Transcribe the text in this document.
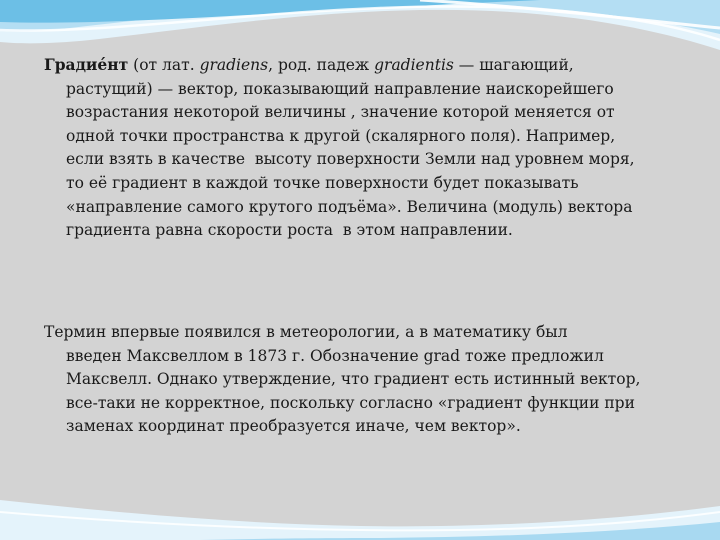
Градие́нт (от лат. gradiens, род. падеж gradientis — шагающий,
растущий) — вектор, показывающий направление наискорейшего
возрастания некоторой величины , значение которой меняется от
одной точки пространства к другой (скалярного поля). Например,
если взять в качестве  высоту поверхности Земли над уровнем моря,
то её градиент в каждой точке поверхности будет показывать
«направление самого крутого подъёма». Величина (модуль) вектора
градиента равна скорости роста  в этом направлении.

Термин впервые появился в метеорологии, а в математику был
введен Максвеллом в 1873 г. Обозначение grad тоже предложил
Максвелл. Однако утверждение, что градиент есть истинный вектор,
все-таки не корректное, поскольку согласно «градиент функции при
заменах координат преобразуется иначе, чем вектор».
